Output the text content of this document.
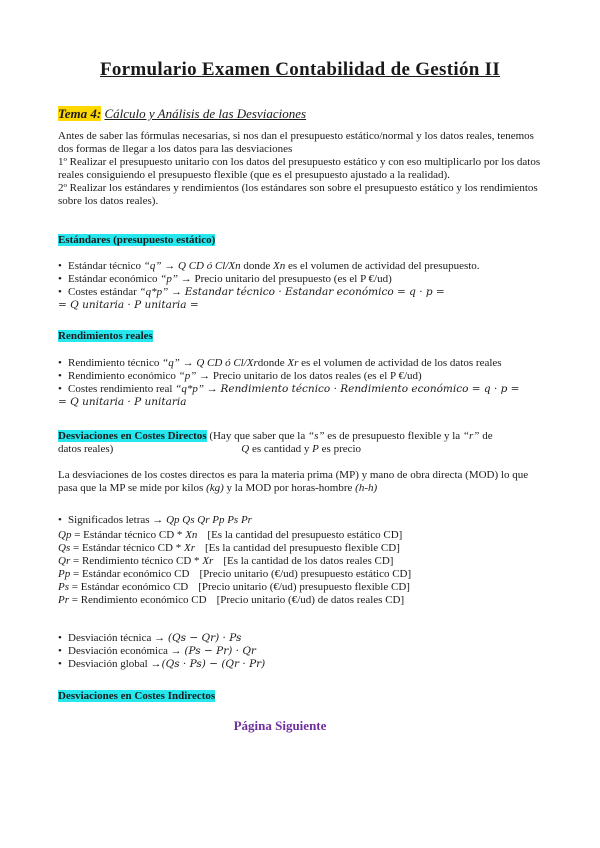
Formulario Examen Contabilidad de Gestión II
Tema 4: Cálculo y Análisis de las Desviaciones

Antes de saber las fórmulas necesarias, si nos dan el presupuesto estático/normal y los datos reales, tenemos dos formas de llegar a los datos para las desviaciones

1º Realizar el presupuesto unitario con los datos del presupuesto estático y con eso multiplicarlo por los datos reales consiguiendo el presupuesto flexible (que es el presupuesto ajustado a la realidad).

2º Realizar los estándares y rendimientos (los estándares son sobre el presupuesto estático y los rendimientos sobre los datos reales).

Estándares (presupuesto estático)
• Estándar técnico “q” → Q CD ó Cl/Xn donde Xn es el volumen de actividad del presupuesto.
• Estándar económico “p” → Precio unitario del presupuesto (es el P €/ud)
• Costes estándar “q*p” → Estandar técnico · Estandar económico = q · p =
= Q unitaria · P unitaria =
Rendimientos reales
• Rendimiento técnico “q” → Q CD ó Cl/Xrdonde Xr es el volumen de actividad de los datos reales
• Rendimiento económico “p” → Precio unitario de los datos reales (es el P €/ud)
• Costes rendimiento real “q*p” → Rendimiento técnico · Rendimiento económico = q · p =
= Q unitaria · P unitaria
Desviaciones en Costes Directos (Hay que saber que la “s” es de presupuesto flexible y la “r” de
datos reales)	Q es cantidad y P es precio
La desviaciones de los costes directos es para la materia prima (MP) y mano de obra directa (MOD) lo que pasa que la MP se mide por kilos (kg) y la MOD por horas-hombre (h-h)
• Significados letras → Qp Qs Qr Pp Ps Pr
Qp = Estándar técnico CD * Xn [Es la cantidad del presupuesto estático CD]
Qs = Estándar técnico CD * Xr [Es la cantidad del presupuesto flexible CD]
Qr = Rendimiento técnico CD * Xr [Es la cantidad de los datos reales CD]
Pp = Estándar económico CD [Precio unitario (€/ud) presupuesto estático CD]
Ps = Estándar económico CD [Precio unitario (€/ud) presupuesto flexible CD]
Pr = Rendimiento económico CD [Precio unitario (€/ud) de datos reales CD]
• Desviación técnica → (Qs − Qr) · Ps
• Desviación económica → (Ps − Pr) · Qr
• Desviación global →(Qs · Ps) − (Qr · Pr)
Desviaciones en Costes Indirectos
Página Siguiente
